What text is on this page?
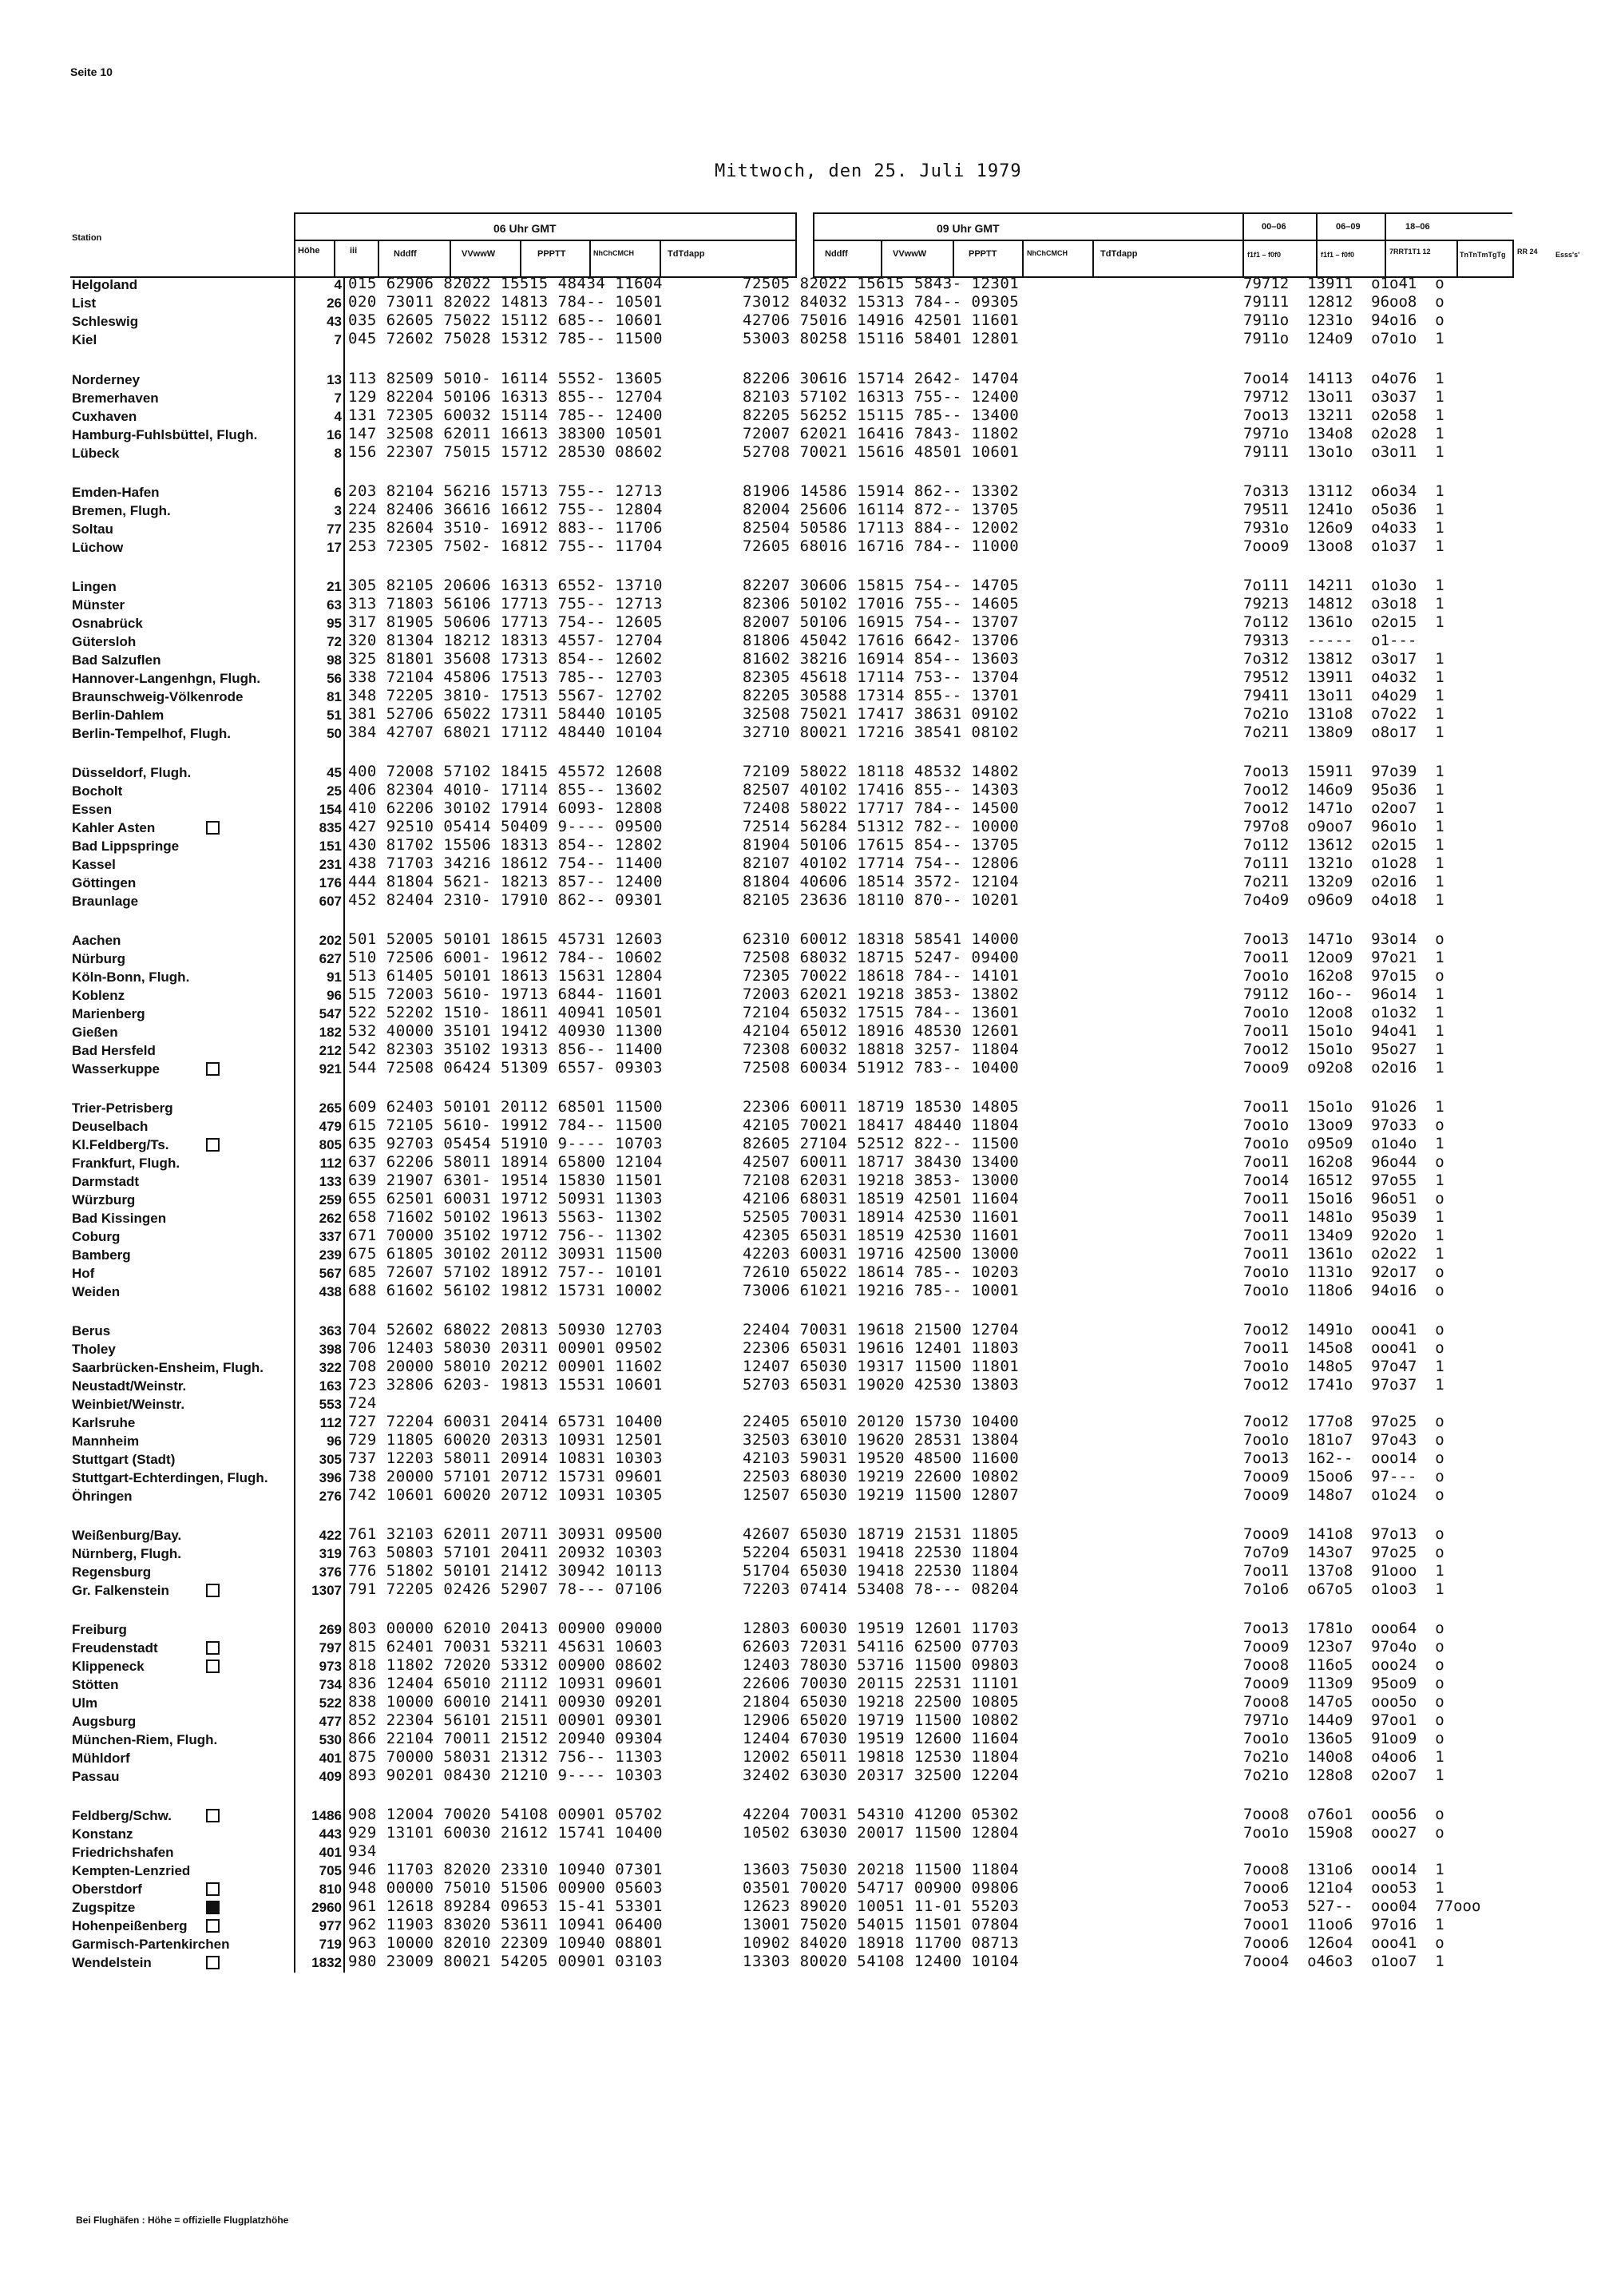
Seite 10
Mittwoch, den 25. Juli 1979
Station
Höhe	iii
06 Uhr GMT
Nddff	VVwwW	PPPTT	NhChCMCH	TdTdapp
09 Uhr GMT
Nddff	VVwwW	PPPTT	NhChCMCH	TdTdapp
00–06	06–09	18–06
f1f1 – f0f0	f1f1 – f0f0	7RRT1T1 12	TnTnTmTgTg RR 24 Esss's'
Helgoland	4 015 62906 82022 15515 48434 11604	72505 82022 15615 5843- 12301	79712  13911  o1o41  o
List	26 020 73011 82022 14813 784-- 10501	73012 84032 15313 784-- 09305	79111  12812  96oo8  o
Schleswig	43 035 62605 75022 15112 685-- 10601	42706 75016 14916 42501 11601	7911o  1231o  94o16  o
Kiel	7 045 72602 75028 15312 785-- 11500	53003 80258 15116 58401 12801	7911o  124o9  o7o1o  1
Norderney	13 113 82509 5010- 16114 5552- 13605	82206 30616 15714 2642- 14704	7oo14  14113  o4o76  1
Bremerhaven	7 129 82204 50106 16313 855-- 12704	82103 57102 16313 755-- 12400	79712  13o11  o3o37  1
Cuxhaven	4 131 72305 60032 15114 785-- 12400	82205 56252 15115 785-- 13400	7oo13  13211  o2o58  1
Hamburg-Fuhlsbüttel, Flugh.	16 147 32508 62011 16613 38300 10501	72007 62021 16416 7843- 11802	7971o  134o8  o2o28  1
Lübeck	8 156 22307 75015 15712 28530 08602	52708 70021 15616 48501 10601	79111  13o1o  o3o11  1
Emden-Hafen	6 203 82104 56216 15713 755-- 12713	81906 14586 15914 862-- 13302	7o313  13112  o6o34  1
Bremen, Flugh.	3 224 82406 36616 16612 755-- 12804	82004 25606 16114 872-- 13705	79511  1241o  o5o36  1
Soltau	77 235 82604 3510- 16912 883-- 11706	82504 50586 17113 884-- 12002	7931o  126o9  o4o33  1
Lüchow	17 253 72305 7502- 16812 755-- 11704	72605 68016 16716 784-- 11000	7ooo9  13oo8  o1o37  1
Lingen	21 305 82105 20606 16313 6552- 13710	82207 30606 15815 754-- 14705	7o111  14211  o1o3o  1
Münster	63 313 71803 56106 17713 755-- 12713	82306 50102 17016 755-- 14605	79213  14812  o3o18  1
Osnabrück	95 317 81905 50606 17713 754-- 12605	82007 50106 16915 754-- 13707	7o112  1361o  o2o15  1
Gütersloh	72 320 81304 18212 18313 4557- 12704	81806 45042 17616 6642- 13706	79313  -----  o1---
Bad Salzuflen	98 325 81801 35608 17313 854-- 12602	81602 38216 16914 854-- 13603	7o312  13812  o3o17  1
Hannover-Langenhgn, Flugh.	56 338 72104 45806 17513 785-- 12703	82305 45618 17114 753-- 13704	79512  13911  o4o32  1
Braunschweig-Völkenrode	81 348 72205 3810- 17513 5567- 12702	82205 30588 17314 855-- 13701	79411  13o11  o4o29  1
Berlin-Dahlem	51 381 52706 65022 17311 58440 10105	32508 75021 17417 38631 09102	7o21o  131o8  o7o22  1
Berlin-Tempelhof, Flugh.	50 384 42707 68021 17112 48440 10104	32710 80021 17216 38541 08102	7o211  138o9  o8o17  1
Düsseldorf, Flugh.	45 400 72008 57102 18415 45572 12608	72109 58022 18118 48532 14802	7oo13  15911  97o39  1
Bocholt	25 406 82304 4010- 17114 855-- 13602	82507 40102 17416 855-- 14303	7oo12  146o9  95o36  1
Essen	154 410 62206 30102 17914 6093- 12808	72408 58022 17717 784-- 14500	7oo12  1471o  o2oo7  1
Kahler Asten	835 427 92510 05414 50409 9---- 09500	72514 56284 51312 782-- 10000	797o8  o9oo7  96o1o  1
Bad Lippspringe	151 430 81702 15506 18313 854-- 12802	81904 50106 17615 854-- 13705	7o112  13612  o2o15  1
Kassel	231 438 71703 34216 18612 754-- 11400	82107 40102 17714 754-- 12806	7o111  1321o  o1o28  1
Göttingen	176 444 81804 5621- 18213 857-- 12400	81804 40606 18514 3572- 12104	7o211  132o9  o2o16  1
Braunlage	607 452 82404 2310- 17910 862-- 09301	82105 23636 18110 870-- 10201	7o4o9  o96o9  o4o18  1
Aachen	202 501 52005 50101 18615 45731 12603	62310 60012 18318 58541 14000	7oo13  1471o  93o14  o
Nürburg	627 510 72506 6001- 19612 784-- 10602	72508 68032 18715 5247- 09400	7oo11  12oo9  97o21  1
Köln-Bonn, Flugh.	91 513 61405 50101 18613 15631 12804	72305 70022 18618 784-- 14101	7oo1o  162o8  97o15  o
Koblenz	96 515 72003 5610- 19713 6844- 11601	72003 62021 19218 3853- 13802	79112  16o--  96o14  1
Marienberg	547 522 52202 1510- 18611 40941 10501	72104 65032 17515 784-- 13601	7oo1o  12oo8  o1o32  1
Gießen	182 532 40000 35101 19412 40930 11300	42104 65012 18916 48530 12601	7oo11  15o1o  94o41  1
Bad Hersfeld	212 542 82303 35102 19313 856-- 11400	72308 60032 18818 3257- 11804	7oo12  15o1o  95o27  1
Wasserkuppe	921 544 72508 06424 51309 6557- 09303	72508 60034 51912 783-- 10400	7ooo9  o92o8  o2o16  1
Trier-Petrisberg	265 609 62403 50101 20112 68501 11500	22306 60011 18719 18530 14805	7oo11  15o1o  91o26  1
Deuselbach	479 615 72105 5610- 19912 784-- 11500	42105 70021 18417 48440 11804	7oo1o  13oo9  97o33  o
Kl.Feldberg/Ts.	805 635 92703 05454 51910 9---- 10703	82605 27104 52512 822-- 11500	7oo1o  o95o9  o1o4o  1
Frankfurt, Flugh.	112 637 62206 58011 18914 65800 12104	42507 60011 18717 38430 13400	7oo11  162o8  96o44  o
Darmstadt	133 639 21907 6301- 19514 15830 11501	72108 62031 19218 3853- 13000	7oo14  16512  97o55  1
Würzburg	259 655 62501 60031 19712 50931 11303	42106 68031 18519 42501 11604	7oo11  15o16  96o51  o
Bad Kissingen	262 658 71602 50102 19613 5563- 11302	52505 70031 18914 42530 11601	7oo11  1481o  95o39  1
Coburg	337 671 70000 35102 19712 756-- 11302	42305 65031 18519 42530 11601	7oo11  134o9  92o2o  1
Bamberg	239 675 61805 30102 20112 30931 11500	42203 60031 19716 42500 13000	7oo11  1361o  o2o22  1
Hof	567 685 72607 57102 18912 757-- 10101	72610 65022 18614 785-- 10203	7oo1o  1131o  92o17  o
Weiden	438 688 61602 56102 19812 15731 10002	73006 61021 19216 785-- 10001	7oo1o  118o6  94o16  o
Berus	363 704 52602 68022 20813 50930 12703	22404 70031 19618 21500 12704	7oo12  1491o  ooo41  o
Tholey	398 706 12403 58030 20311 00901 09502	22306 65031 19616 12401 11803	7oo11  145o8  ooo41  o
Saarbrücken-Ensheim, Flugh.	322 708 20000 58010 20212 00901 11602	12407 65030 19317 11500 11801	7oo1o  148o5  97o47  1
Neustadt/Weinstr.	163 723 32806 6203- 19813 15531 10601	52703 65031 19020 42530 13803	7oo12  1741o  97o37  1
Weinbiet/Weinstr.	553 724
Karlsruhe	112 727 72204 60031 20414 65731 10400	22405 65010 20120 15730 10400	7oo12  177o8  97o25  o
Mannheim	96 729 11805 60020 20313 10931 12501	32503 63010 19620 28531 13804	7oo1o  181o7  97o43  o
Stuttgart (Stadt)	305 737 12203 58011 20914 10831 10303	42103 59031 19520 48500 11600	7oo13  162--  ooo14  o
Stuttgart-Echterdingen, Flugh.	396 738 20000 57101 20712 15731 09601	22503 68030 19219 22600 10802	7ooo9  15oo6  97---  o
Öhringen	276 742 10601 60020 20712 10931 10305	12507 65030 19219 11500 12807	7ooo9  148o7  o1o24  o
Weißenburg/Bay.	422 761 32103 62011 20711 30931 09500	42607 65030 18719 21531 11805	7ooo9  141o8  97o13  o
Nürnberg, Flugh.	319 763 50803 57101 20411 20932 10303	52204 65031 19418 22530 11804	7o7o9  143o7  97o25  o
Regensburg	376 776 51802 50101 21412 30942 10113	51704 65030 19418 22530 11804	7oo11  137o8  91ooo  1
Gr. Falkenstein	1307 791 72205 02426 52907 78--- 07106	72203 07414 53408 78--- 08204	7o1o6  o67o5  o1oo3  1
Freiburg	269 803 00000 62010 20413 00900 09000	12803 60030 19519 12601 11703	7oo13  1781o  ooo64  o
Freudenstadt	797 815 62401 70031 53211 45631 10603	62603 72031 54116 62500 07703	7ooo9  123o7  97o4o  o
Klippeneck	973 818 11802 72020 53312 00900 08602	12403 78030 53716 11500 09803	7ooo8  116o5  ooo24  o
Stötten	734 836 12404 65010 21112 10931 09601	22606 70030 20115 22531 11101	7ooo9  113o9  95oo9  o
Ulm	522 838 10000 60010 21411 00930 09201	21804 65030 19218 22500 10805	7ooo8  147o5  ooo5o  o
Augsburg	477 852 22304 56101 21511 00901 09301	12906 65020 19719 11500 10802	7971o  144o9  97oo1  o
München-Riem, Flugh.	530 866 22104 70011 21512 20940 09304	12404 67030 19519 12600 11604	7oo1o  136o5  91oo9  o
Mühldorf	401 875 70000 58031 21312 756-- 11303	12002 65011 19818 12530 11804	7o21o  140o8  o4oo6  1
Passau	409 893 90201 08430 21210 9---- 10303	32402 63030 20317 32500 12204	7o21o  128o8  o2oo7  1
Feldberg/Schw.	1486 908 12004 70020 54108 00901 05702	42204 70031 54310 41200 05302	7ooo8  o76o1  ooo56  o
Konstanz	443 929 13101 60030 21612 15741 10400	10502 63030 20017 11500 12804	7oo1o  159o8  ooo27  o
Friedrichshafen	401 934
Kempten-Lenzried	705 946 11703 82020 23310 10940 07301	13603 75030 20218 11500 11804	7ooo8  131o6  ooo14  1
Oberstdorf	810 948 00000 75010 51506 00900 05603	03501 70020 54717 00900 09806	7ooo6  121o4  ooo53  1
Zugspitze	2960 961 12618 89284 09653 15-41 53301	12623 89020 10051 11-01 55203	7oo53  527--  ooo04  77ooo
Hohenpeißenberg	977 962 11903 83020 53611 10941 06400	13001 75020 54015 11501 07804	7ooo1  11oo6  97o16  1
Garmisch-Partenkirchen	719 963 10000 82010 22309 10940 08801	10902 84020 18918 11700 08713	7ooo6  126o4  ooo41  o
Wendelstein	1832 980 23009 80021 54205 00901 03103	13303 80020 54108 12400 10104	7ooo4  o46o3  o1oo7  1
Bei Flughäfen : Höhe = offizielle Flugplatzhöhe
